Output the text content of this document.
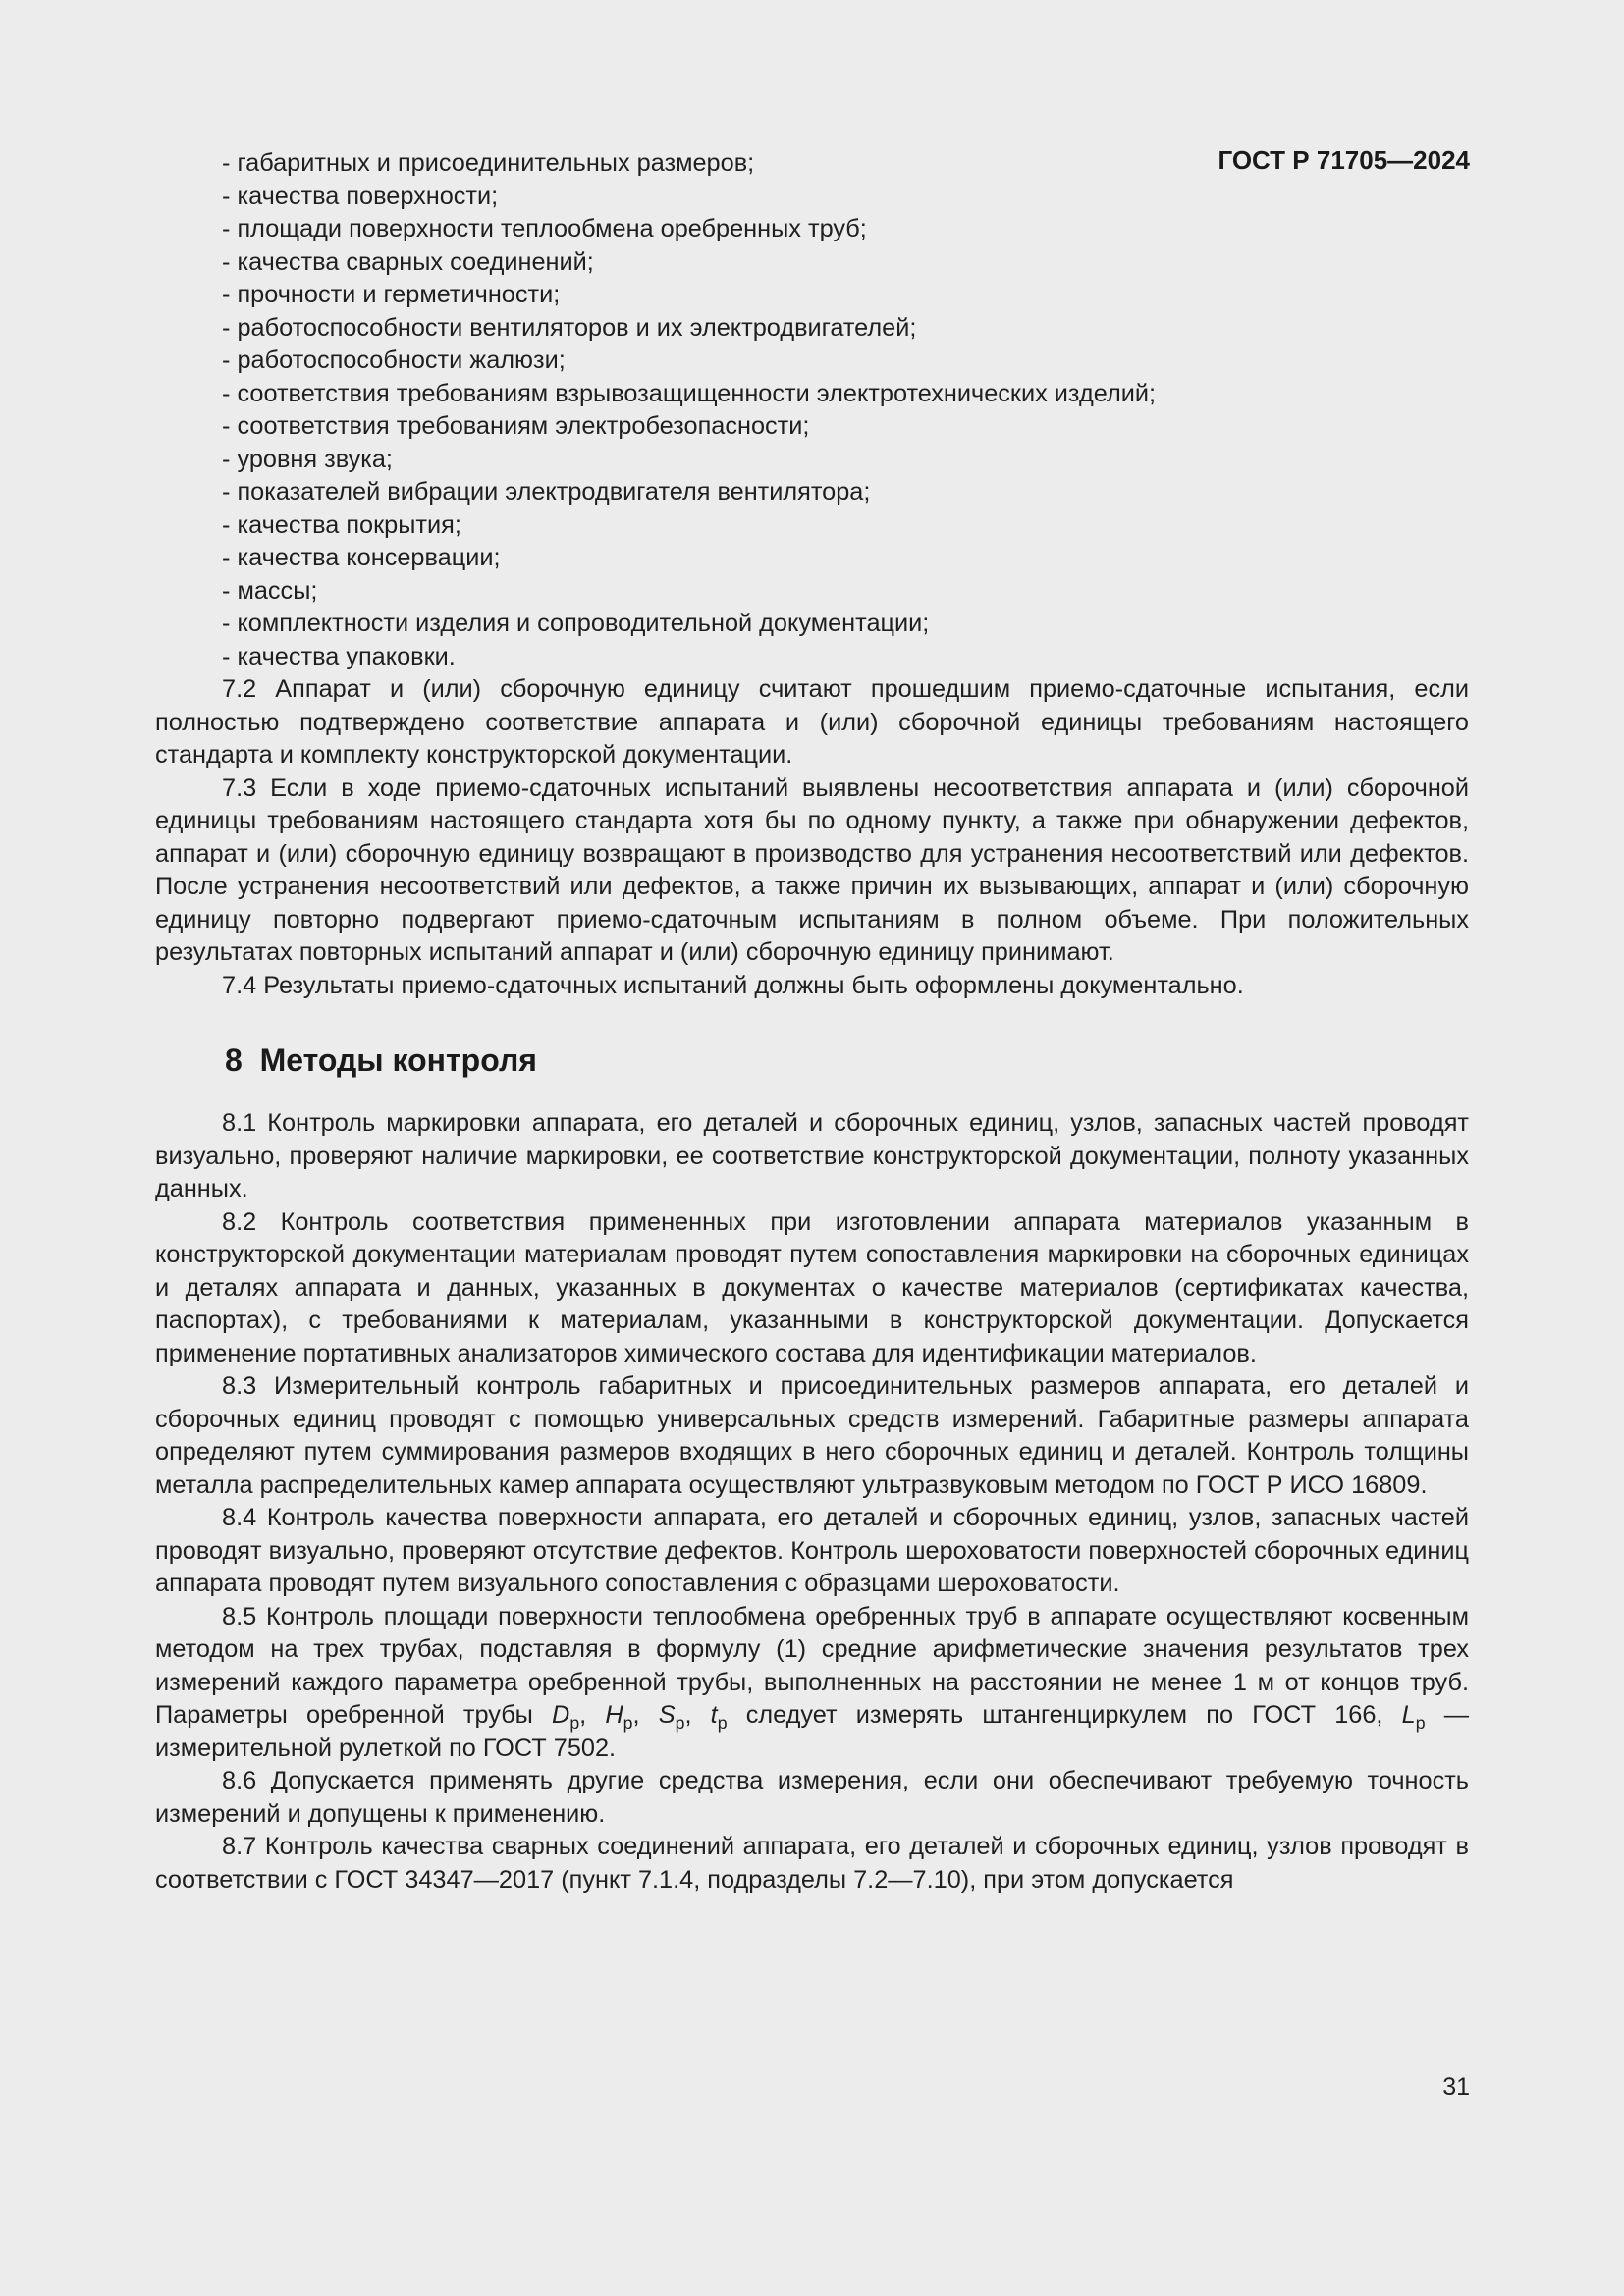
ГОСТ Р 71705—2024
- габаритных и присоединительных размеров;
- качества поверхности;
- площади поверхности теплообмена оребренных труб;
- качества сварных соединений;
- прочности и герметичности;
- работоспособности вентиляторов и их электродвигателей;
- работоспособности жалюзи;
- соответствия требованиям взрывозащищенности электротехнических изделий;
- соответствия требованиям электробезопасности;
- уровня звука;
- показателей вибрации электродвигателя вентилятора;
- качества покрытия;
- качества консервации;
- массы;
- комплектности изделия и сопроводительной документации;
- качества упаковки.

7.2 Аппарат и (или) сборочную единицу считают прошедшим приемо-сдаточные испытания, если полностью подтверждено соответствие аппарата и (или) сборочной единицы требованиям настоящего стандарта и комплекту конструкторской документации.

7.3 Если в ходе приемо-сдаточных испытаний выявлены несоответствия аппарата и (или) сборочной единицы требованиям настоящего стандарта хотя бы по одному пункту, а также при обнаружении дефектов, аппарат и (или) сборочную единицу возвращают в производство для устранения несоответствий или дефектов. После устранения несоответствий или дефектов, а также причин их вызывающих, аппарат и (или) сборочную единицу повторно подвергают приемо-сдаточным испытаниям в полном объеме. При положительных результатах повторных испытаний аппарат и (или) сборочную единицу принимают.

7.4 Результаты приемо-сдаточных испытаний должны быть оформлены документально.

8 Методы контроля

8.1 Контроль маркировки аппарата, его деталей и сборочных единиц, узлов, запасных частей проводят визуально, проверяют наличие маркировки, ее соответствие конструкторской документации, полноту указанных данных.

8.2 Контроль соответствия примененных при изготовлении аппарата материалов указанным в конструкторской документации материалам проводят путем сопоставления маркировки на сборочных единицах и деталях аппарата и данных, указанных в документах о качестве материалов (сертификатах качества, паспортах), с требованиями к материалам, указанными в конструкторской документации. Допускается применение портативных анализаторов химического состава для идентификации материалов.

8.3 Измерительный контроль габаритных и присоединительных размеров аппарата, его деталей и сборочных единиц проводят с помощью универсальных средств измерений. Габаритные размеры аппарата определяют путем суммирования размеров входящих в него сборочных единиц и деталей. Контроль толщины металла распределительных камер аппарата осуществляют ультразвуковым методом по ГОСТ Р ИСО 16809.

8.4 Контроль качества поверхности аппарата, его деталей и сборочных единиц, узлов, запасных частей проводят визуально, проверяют отсутствие дефектов. Контроль шероховатости поверхностей сборочных единиц аппарата проводят путем визуального сопоставления с образцами шероховатости.

8.5 Контроль площади поверхности теплообмена оребренных труб в аппарате осуществляют косвенным методом на трех трубах, подставляя в формулу (1) средние арифметические значения результатов трех измерений каждого параметра оребренной трубы, выполненных на расстоянии не менее 1 м от концов труб. Параметры оребренной трубы $D_р$, $H_р$, $S_р$, $t_р$ следует измерять штангенциркулем по ГОСТ 166, $L_р$ — измерительной рулеткой по ГОСТ 7502.

8.6 Допускается применять другие средства измерения, если они обеспечивают требуемую точность измерений и допущены к применению.

8.7 Контроль качества сварных соединений аппарата, его деталей и сборочных единиц, узлов проводят в соответствии с ГОСТ 34347—2017 (пункт 7.1.4, подразделы 7.2—7.10), при этом допускается

31
